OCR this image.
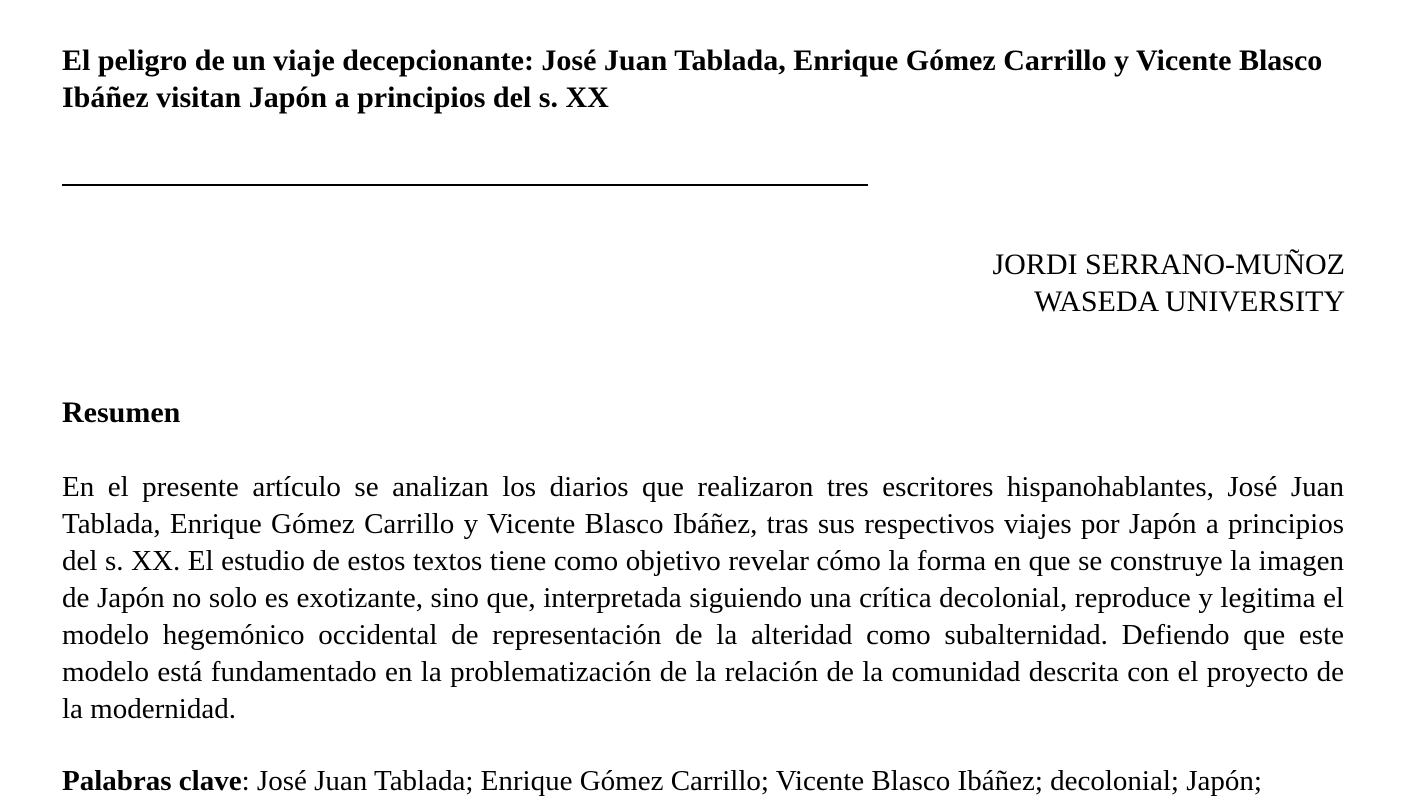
El peligro de un viaje decepcionante: José Juan Tablada, Enrique Gómez Carrillo y Vicente Blasco Ibáñez visitan Japón a principios del s. XX
JORDI SERRANO-MUÑOZ
WASEDA UNIVERSITY
Resumen

En el presente artículo se analizan los diarios que realizaron tres escritores hispanohablantes, José Juan Tablada, Enrique Gómez Carrillo y Vicente Blasco Ibáñez, tras sus respectivos viajes por Japón a principios del s. XX. El estudio de estos textos tiene como objetivo revelar cómo la forma en que se construye la imagen de Japón no solo es exotizante, sino que, interpretada siguiendo una crítica decolonial, reproduce y legitima el modelo hegemónico occidental de representación de la alteridad como subalternidad. Defiendo que este modelo está fundamentado en la problematización de la relación de la comunidad descrita con el proyecto de la modernidad.

Palabras clave: José Juan Tablada; Enrique Gómez Carrillo; Vicente Blasco Ibáñez; decolonial; Japón;
